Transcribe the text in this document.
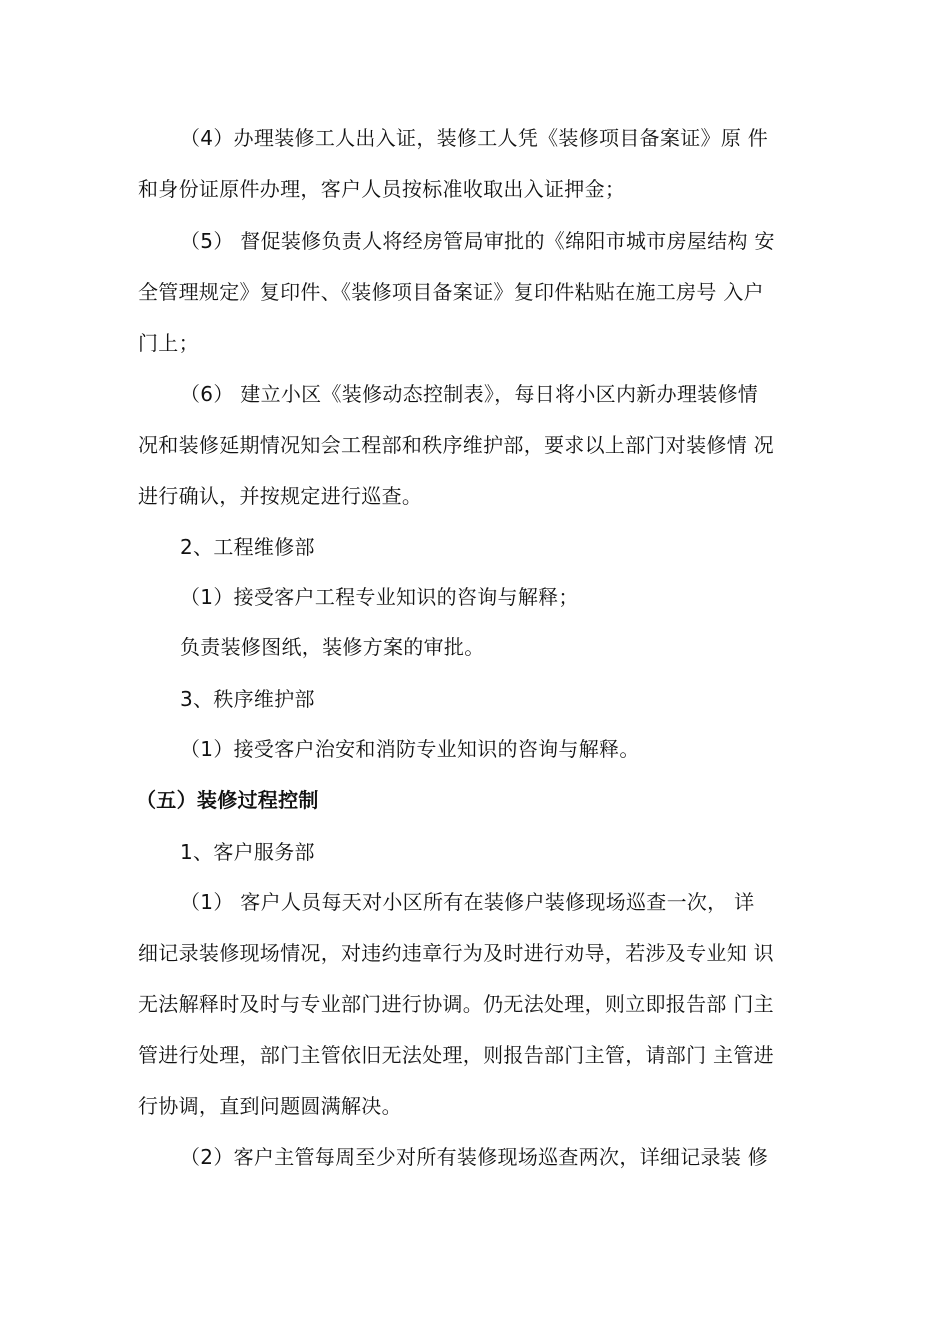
（4）办理装修工人出入证，装修工人凭《装修项目备案证》原 件
和身份证原件办理，客户人员按标准收取出入证押金；
（5） 督促装修负责人将经房管局审批的《绵阳市城市房屋结构 安
全管理规定》复印件、《装修项目备案证》复印件粘贴在施工房号 入户
门上；
（6） 建立小区《装修动态控制表》，每日将小区内新办理装修情
况和装修延期情况知会工程部和秩序维护部，要求以上部门对装修情 况
进行确认，并按规定进行巡查。
2、工程维修部
（1）接受客户工程专业知识的咨询与解释；
负责装修图纸，装修方案的审批。
3、秩序维护部
（1）接受客户治安和消防专业知识的咨询与解释。
（五）装修过程控制
1、客户服务部
（1） 客户人员每天对小区所有在装修户装修现场巡查一次， 详
细记录装修现场情况，对违约违章行为及时进行劝导，若涉及专业知 识
无法解释时及时与专业部门进行协调。仍无法处理，则立即报告部 门主
管进行处理，部门主管依旧无法处理，则报告部门主管，请部门 主管进
行协调，直到问题圆满解决。
（2）客户主管每周至少对所有装修现场巡查两次，详细记录装 修
